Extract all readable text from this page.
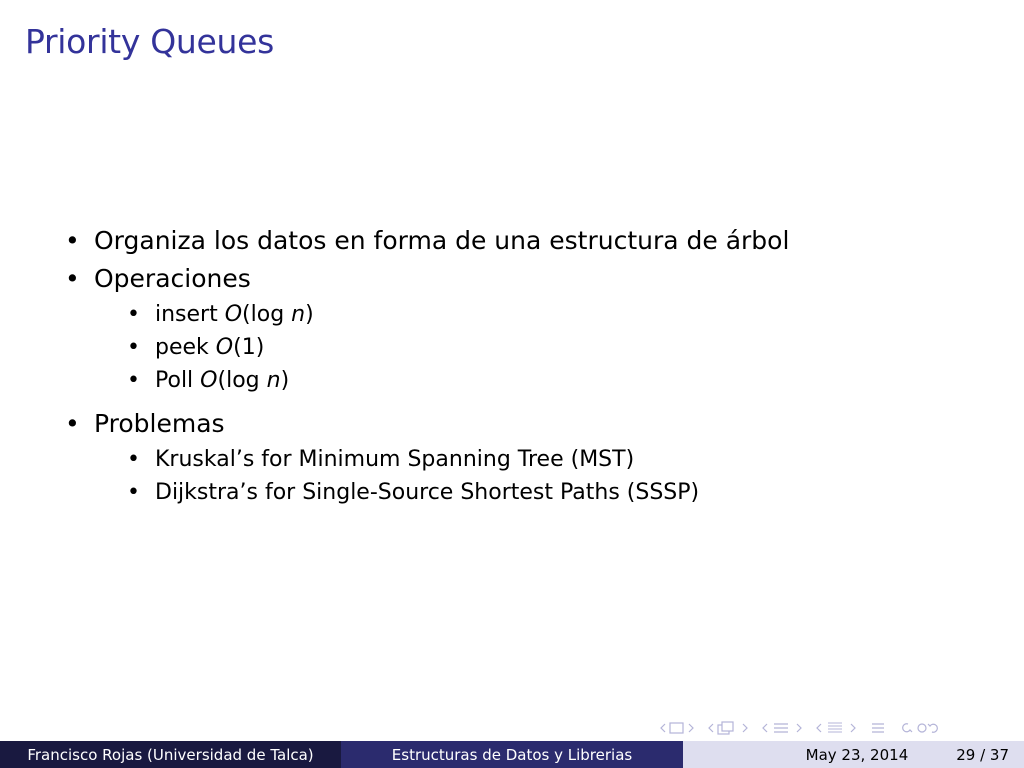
Priority Queues
• Organiza los datos en forma de una estructura de árbol
• Operaciones
• insert O(log n)
• peek O(1)
• Poll O(log n)
• Problemas
• Kruskal’s for Minimum Spanning Tree (MST)
• Dijkstra’s for Single-Source Shortest Paths (SSSP)
Francisco Rojas (Universidad de Talca)	Estructuras de Datos y Librerias	May 23, 2014	29 / 37
